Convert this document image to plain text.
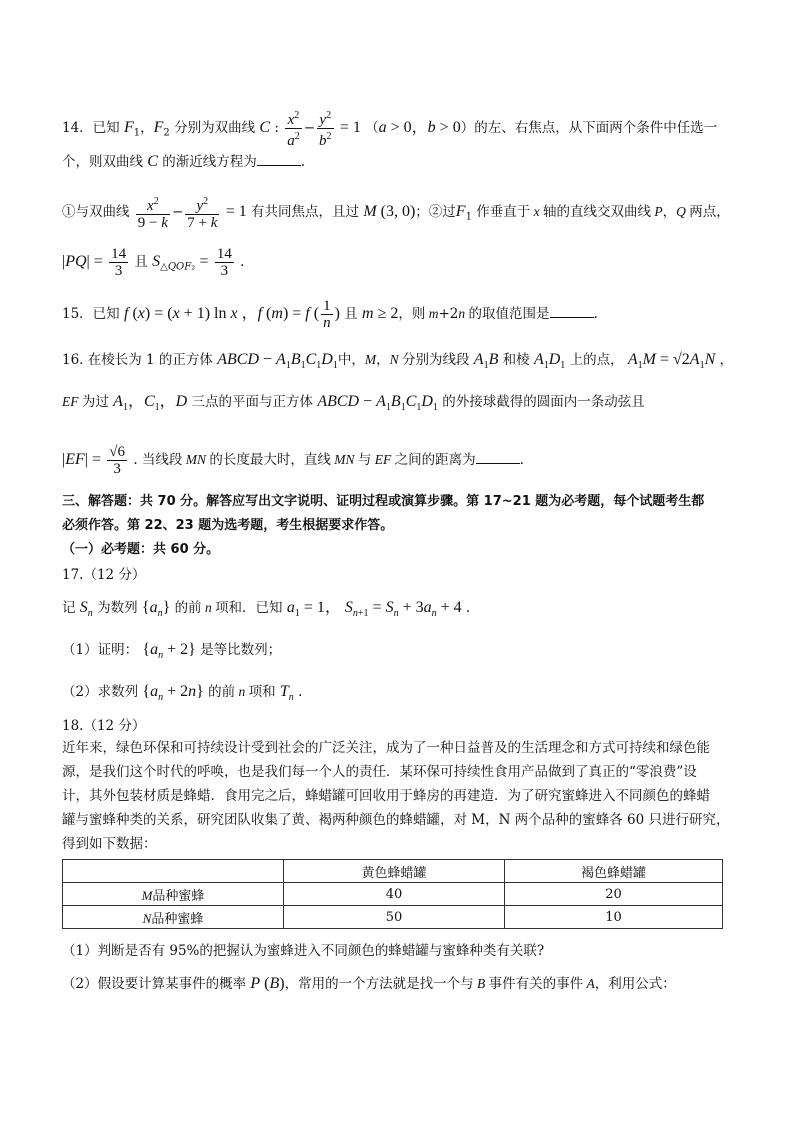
14．已知 $F_1$，$F_2$ 分别为双曲线 C : $\frac{x^2}{a^2} - \frac{y^2}{b^2} = 1$ （a > 0，b > 0）的左、右焦点，从下面两个条件中任选一
个，则双曲线 C 的渐近线方程为	.
①与双曲线 $\frac{x^2}{9 - k} - \frac{y^2}{7 + k} = 1$ 有共同焦点，且过 M (3, 0)；②过$F_1$ 作垂直于 x 轴的直线交双曲线 P，Q 两点，
$|PQ| = \frac{14}{3}$ 且 $S_{\triangle QOF_2} = \frac{14}{3}$ .
15．已知 f (x) = (x + 1) ln x ，f (m) = f ( $\frac{1}{n}$ ) 且 m ≥ 2，则 m+2n 的取值范围是	.
16. 在棱长为 1 的正方体 ABCD − $A_1B_1C_1D_1$中，M，N 分别为线段 $A_1B$ 和棱 $A_1D_1$ 上的点， $A_1M = √2A_1N$ ，
EF 为过 $A_1$，$C_1$，D 三点的平面与正方体 ABCD − $A_1B_1C_1D_1$ 的外接球截得的圆面内一条动弦且
$|EF| = \frac{√6}{3}$ . 当线段 MN 的长度最大时，直线 MN 与 EF 之间的距离为	.
三、解答题：共 70 分。解答应写出文字说明、证明过程或演算步骤。第 17~21 题为必考题，每个试题考生都
必须作答。第 22、23 题为选考题，考生根据要求作答。
（一）必考题：共 60 分。
17.（12 分）
记 $S_n$ 为数列 $\{a_n\}$ 的前 n 项和．已知 $a_1 = 1$， $S_{n+1} = S_n + 3a_n + 4$ .
（1）证明： $\{a_n + 2\}$ 是等比数列；
（2）求数列 $\{a_n + 2n\}$ 的前 n 项和 $T_n$ .
18.（12 分）
近年来，绿色环保和可持续设计受到社会的广泛关注，成为了一种日益普及的生活理念和方式可持续和绿色能
源，是我们这个时代的呼唤，也是我们每一个人的责任．某环保可持续性食用产品做到了真正的“零浪费”设
计，其外包装材质是蜂蜡．食用完之后，蜂蜡罐可回收用于蜂房的再建造．为了研究蜜蜂进入不同颜色的蜂蜡
罐与蜜蜂种类的关系，研究团队收集了黄、褐两种颜色的蜂蜡罐，对 M，N 两个品种的蜜蜂各 60 只进行研究，
得到如下数据：
	黄色蜂蜡罐	褐色蜂蜡罐
M品种蜜蜂	40	20
N品种蜜蜂	50	10
（1）判断是否有 95%的把握认为蜜蜂进入不同颜色的蜂蜡罐与蜜蜂种类有关联?
（2）假设要计算某事件的概率 P (B)，常用的一个方法就是找一个与 B 事件有关的事件 A，利用公式：
